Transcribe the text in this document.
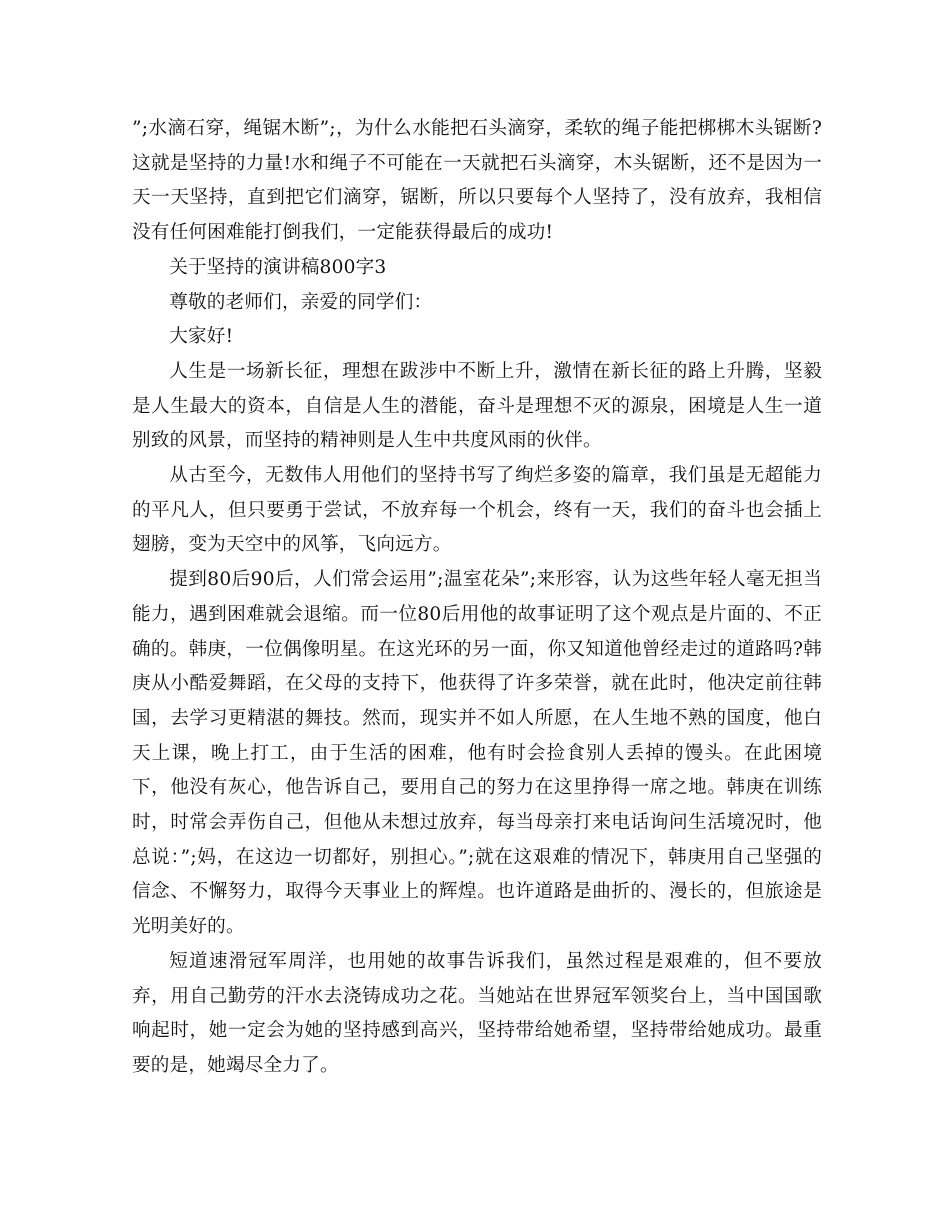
”;水滴石穿，绳锯木断”;，为什么水能把石头滴穿，柔软的绳子能把梆梆木头锯断?这就是坚持的力量!水和绳子不可能在一天就把石头滴穿，木头锯断，还不是因为一天一天坚持，直到把它们滴穿，锯断，所以只要每个人坚持了，没有放弃，我相信没有任何困难能打倒我们，一定能获得最后的成功!

关于坚持的演讲稿800字3

尊敬的老师们，亲爱的同学们：

大家好!

人生是一场新长征，理想在跋涉中不断上升，激情在新长征的路上升腾，坚毅是人生最大的资本，自信是人生的潜能，奋斗是理想不灭的源泉，困境是人生一道别致的风景，而坚持的精神则是人生中共度风雨的伙伴。

从古至今，无数伟人用他们的坚持书写了绚烂多姿的篇章，我们虽是无超能力的平凡人，但只要勇于尝试，不放弃每一个机会，终有一天，我们的奋斗也会插上翅膀，变为天空中的风筝，飞向远方。

提到80后90后，人们常会运用”;温室花朵”;来形容，认为这些年轻人毫无担当能力，遇到困难就会退缩。而一位80后用他的故事证明了这个观点是片面的、不正确的。韩庚，一位偶像明星。在这光环的另一面，你又知道他曾经走过的道路吗?韩庚从小酷爱舞蹈，在父母的支持下，他获得了许多荣誉，就在此时，他决定前往韩国，去学习更精湛的舞技。然而，现实并不如人所愿，在人生地不熟的国度，他白天上课，晚上打工，由于生活的困难，他有时会捡食别人丢掉的馒头。在此困境下，他没有灰心，他告诉自己，要用自己的努力在这里挣得一席之地。韩庚在训练时，时常会弄伤自己，但他从未想过放弃，每当母亲打来电话询问生活境况时，他总说：”;妈，在这边一切都好，别担心。”;就在这艰难的情况下，韩庚用自己坚强的信念、不懈努力，取得今天事业上的辉煌。也许道路是曲折的、漫长的，但旅途是光明美好的。

短道速滑冠军周洋，也用她的故事告诉我们，虽然过程是艰难的，但不要放弃，用自己勤劳的汗水去浇铸成功之花。当她站在世界冠军领奖台上，当中国国歌响起时，她一定会为她的坚持感到高兴，坚持带给她希望，坚持带给她成功。最重要的是，她竭尽全力了。
